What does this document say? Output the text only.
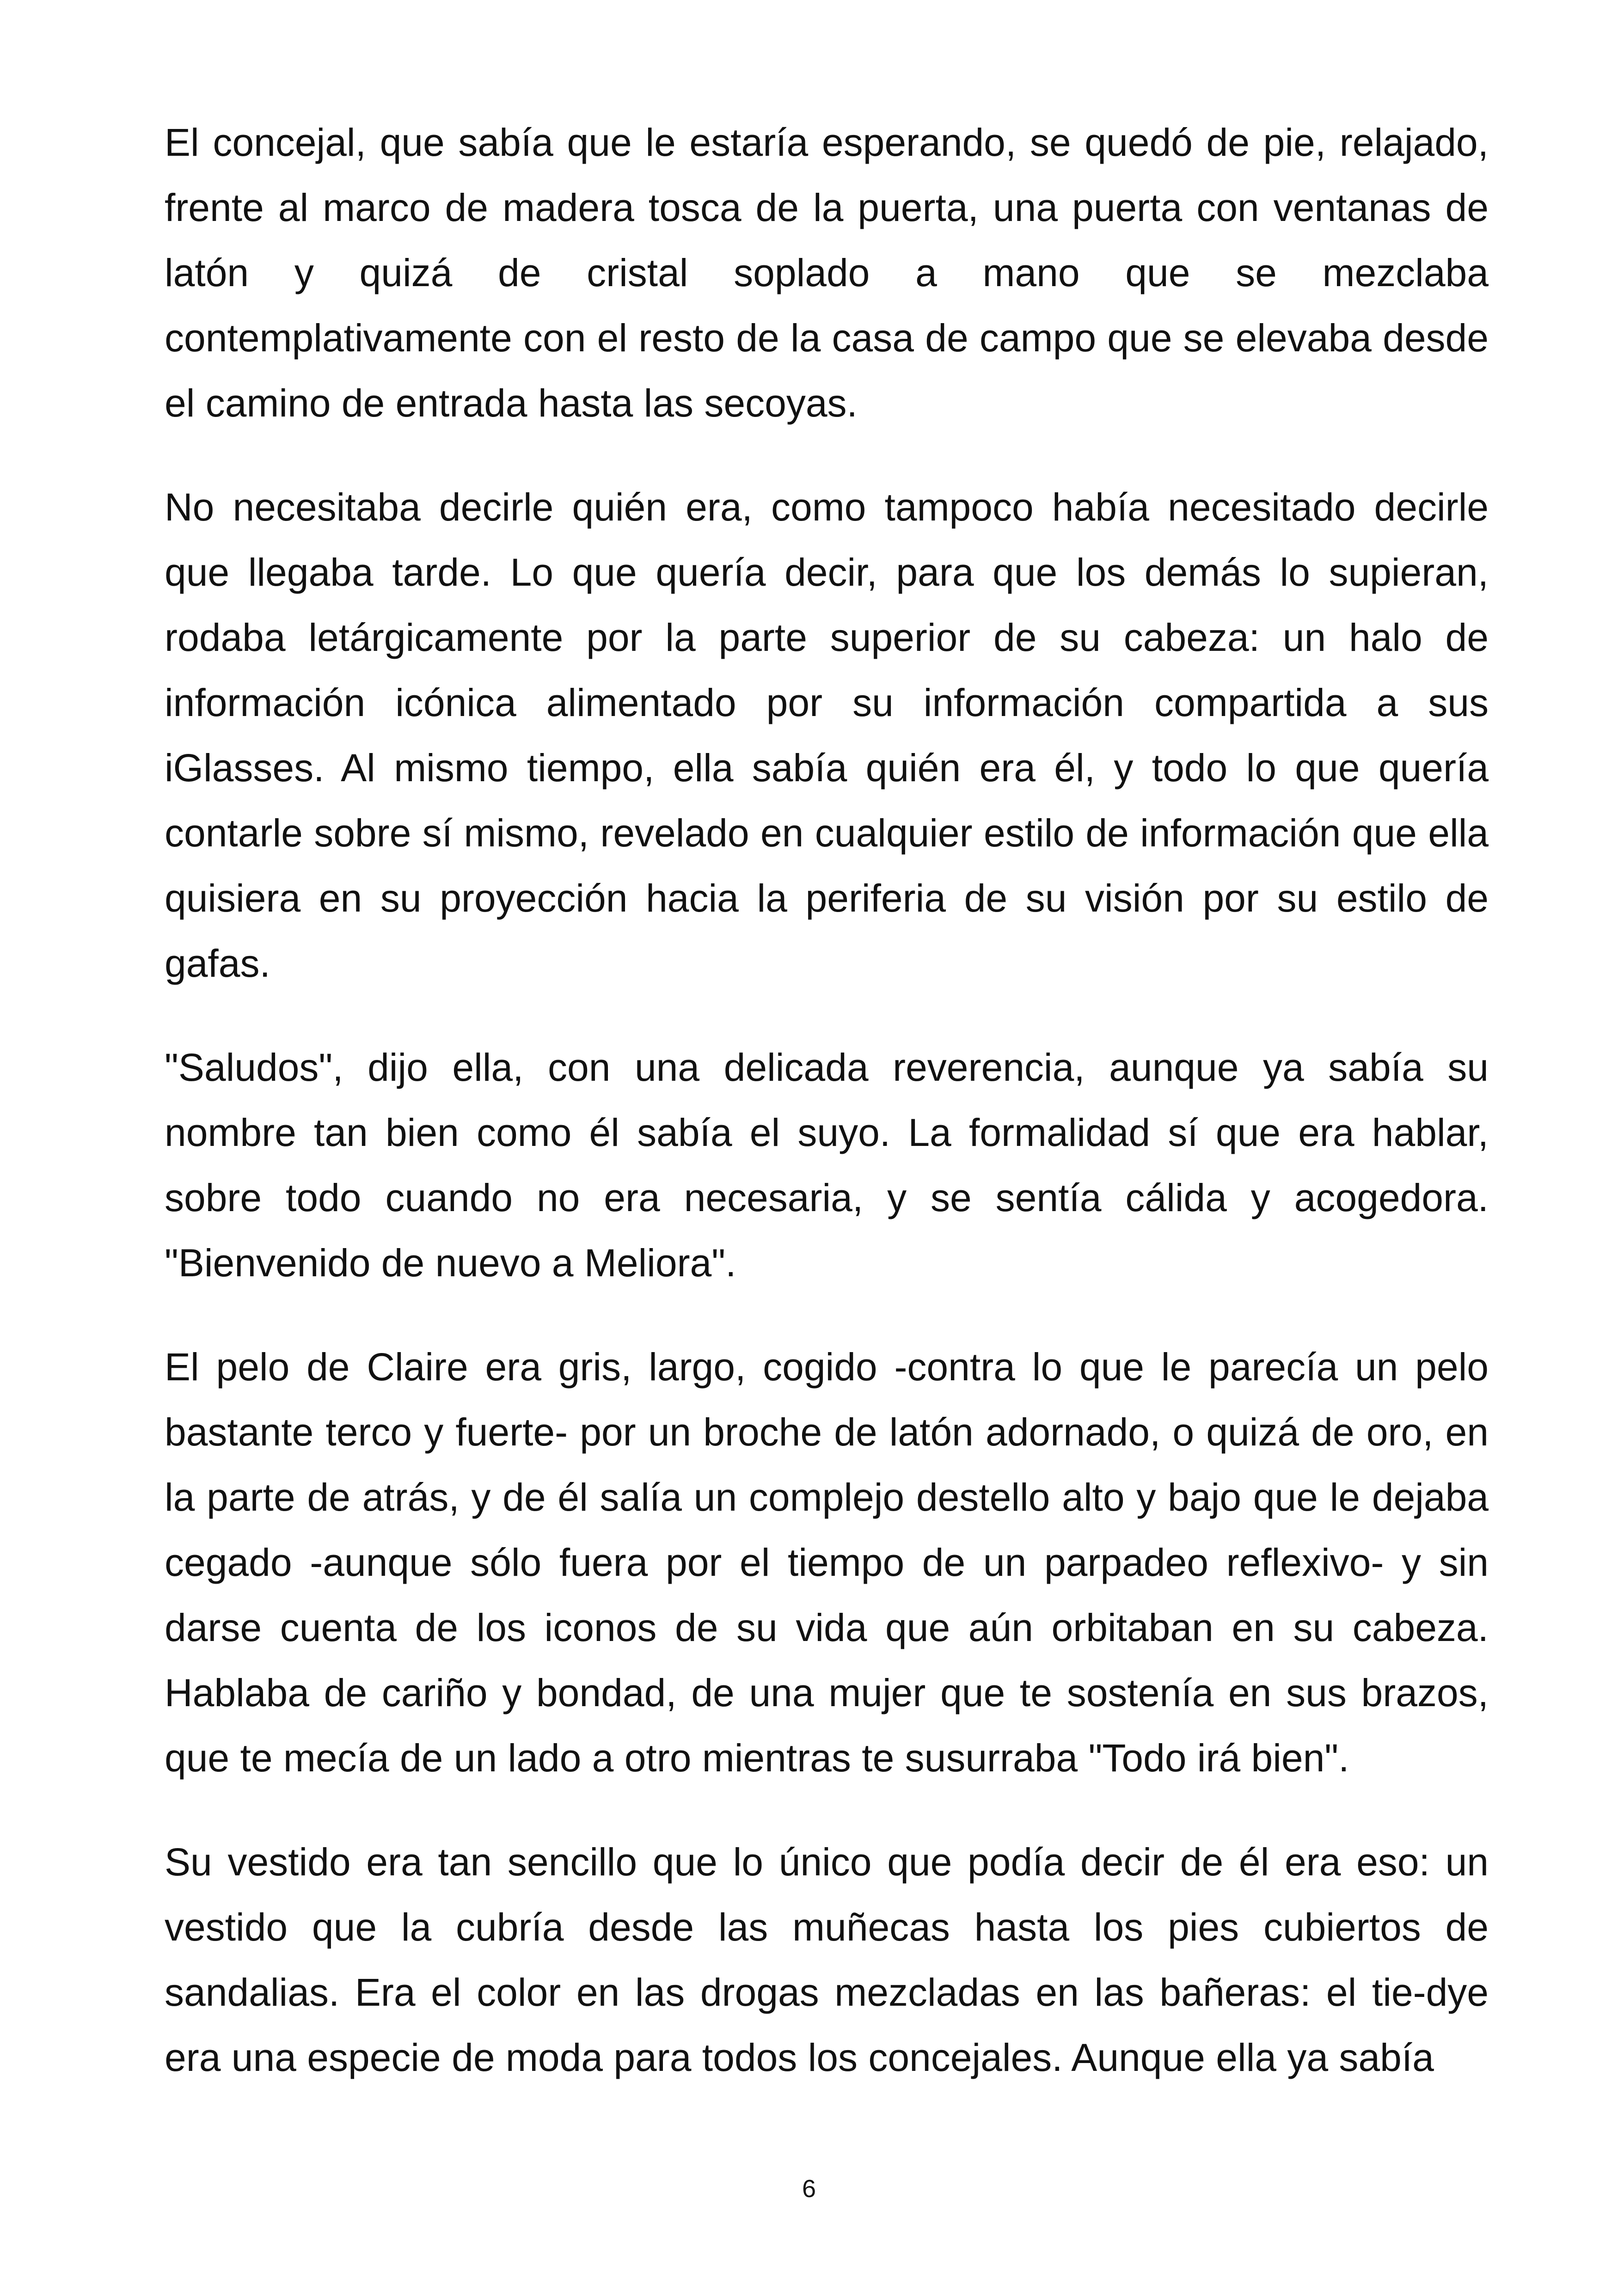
El concejal, que sabía que le estaría esperando, se quedó de pie, relajado, frente al marco de madera tosca de la puerta, una puerta con ventanas de latón y quizá de cristal soplado a mano que se mezclaba contemplativamente con el resto de la casa de campo que se elevaba desde el camino de entrada hasta las secoyas.

No necesitaba decirle quién era, como tampoco había necesitado decirle que llegaba tarde. Lo que quería decir, para que los demás lo supieran, rodaba letárgicamente por la parte superior de su cabeza: un halo de información icónica alimentado por su información compartida a sus iGlasses. Al mismo tiempo, ella sabía quién era él, y todo lo que quería contarle sobre sí mismo, revelado en cualquier estilo de información que ella quisiera en su proyección hacia la periferia de su visión por su estilo de gafas.

"Saludos", dijo ella, con una delicada reverencia, aunque ya sabía su nombre tan bien como él sabía el suyo. La formalidad sí que era hablar, sobre todo cuando no era necesaria, y se sentía cálida y acogedora. "Bienvenido de nuevo a Meliora".

El pelo de Claire era gris, largo, cogido -contra lo que le parecía un pelo bastante terco y fuerte- por un broche de latón adornado, o quizá de oro, en la parte de atrás, y de él salía un complejo destello alto y bajo que le dejaba cegado -aunque sólo fuera por el tiempo de un parpadeo reflexivo- y sin darse cuenta de los iconos de su vida que aún orbitaban en su cabeza. Hablaba de cariño y bondad, de una mujer que te sostenía en sus brazos, que te mecía de un lado a otro mientras te susurraba "Todo irá bien".

Su vestido era tan sencillo que lo único que podía decir de él era eso: un vestido que la cubría desde las muñecas hasta los pies cubiertos de sandalias. Era el color en las drogas mezcladas en las bañeras: el tie-dye era una especie de moda para todos los concejales. Aunque ella ya sabía

6
